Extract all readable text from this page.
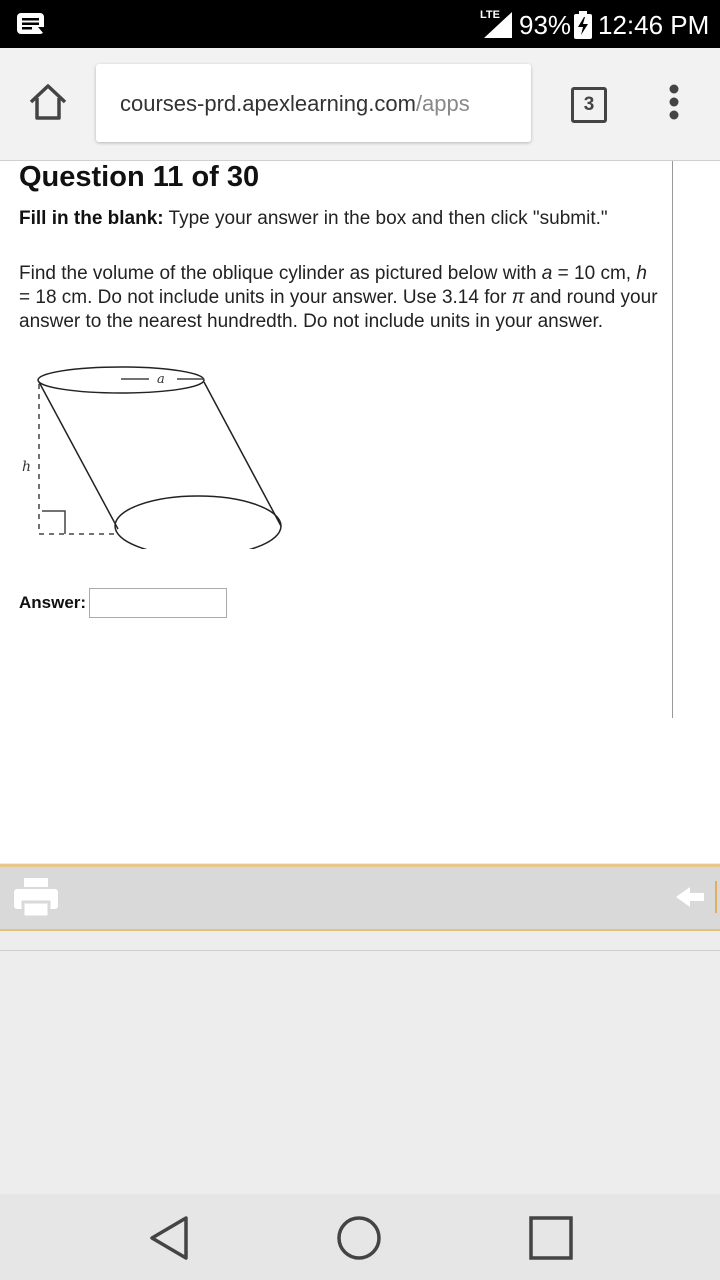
LTE 93% 12:46 PM
courses-prd.apexlearning.com/apps	3
Question 11 of 30
Fill in the blank: Type your answer in the box and then click "submit."
Find the volume of the oblique cylinder as pictured below with a = 10 cm, h = 18 cm. Do not include units in your answer. Use 3.14 for π and round your answer to the nearest hundredth. Do not include units in your answer.
a
h
Answer:
